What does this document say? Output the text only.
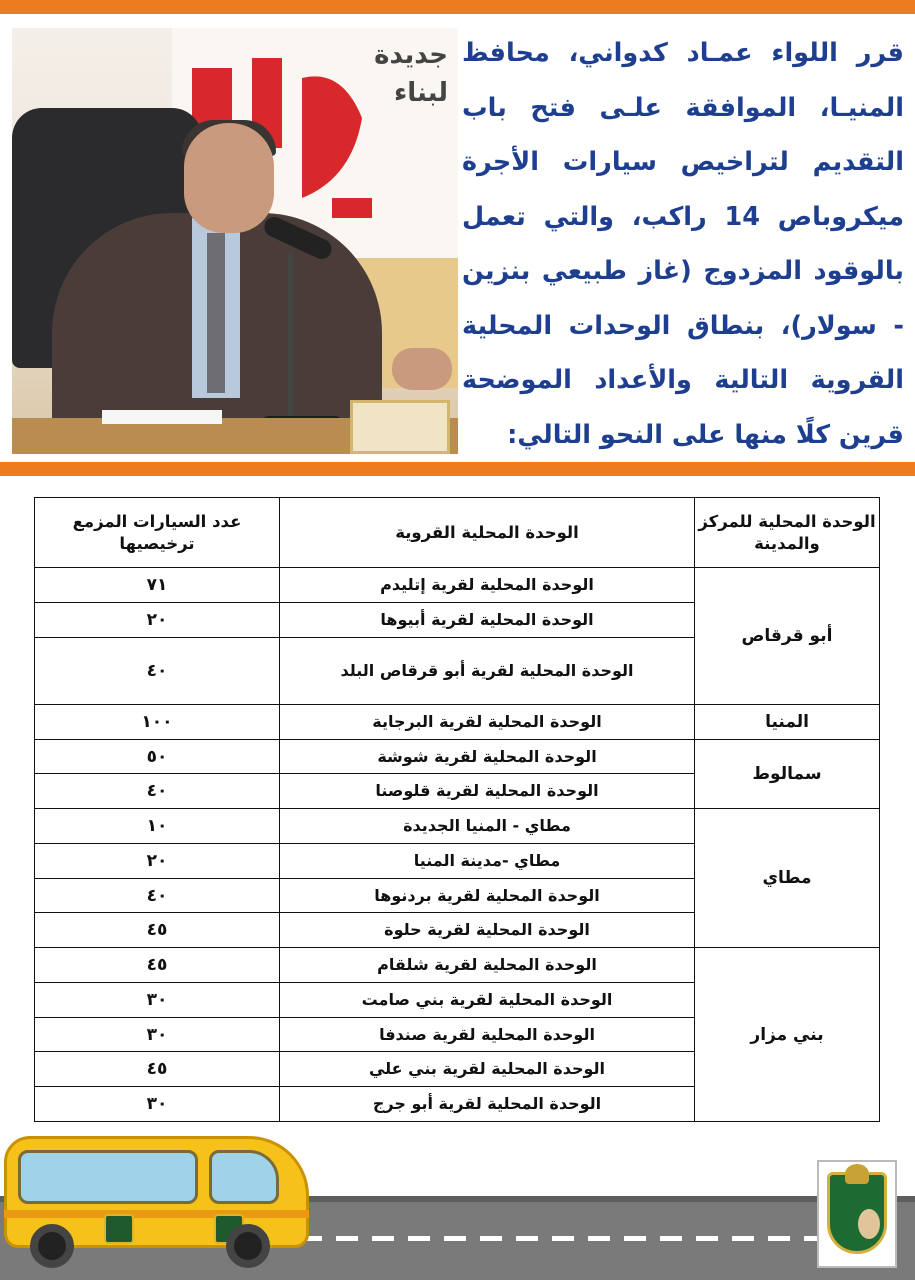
جديدة
لبناء

قرر اللواء عمـاد كدواني، محافظ المنيـا، الموافقة علـى فتح باب التقديم لتراخيص سيارات الأجرة ميكروباص 14 راكب، والتي تعمل بالوقود المزدوج (غاز طبيعي بنزين - سولار)، بنطاق الوحدات المحلية القروية التالية والأعداد الموضحة قرين كلًا منها على النحو التالي:

الوحدة المحلية للمركز والمدينة	الوحدة المحلية القروية	عدد السيارات المزمع ترخيصيها
أبو قرقاص	الوحدة المحلية لقرية إتليدم	٧١
	الوحدة المحلية لقرية أبيوها	٢٠
	الوحدة المحلية لقرية أبو قرقاص البلد	٤٠
المنيا	الوحدة المحلية لقرية البرجاية	١٠٠
سمالوط	الوحدة المحلية لقرية شوشة	٥٠
	الوحدة المحلية لقرية قلوصنا	٤٠
مطاي	مطاي - المنيا الجديدة	١٠
	مطاي -مدينة المنيا	٢٠
	الوحدة المحلية لقرية بردنوها	٤٠
	الوحدة المحلية لقرية حلوة	٤٥
بني مزار	الوحدة المحلية لقرية شلقام	٤٥
	الوحدة المحلية لقرية بني صامت	٣٠
	الوحدة المحلية لقرية صندفا	٣٠
	الوحدة المحلية لقرية بني علي	٤٥
	الوحدة المحلية لقرية أبو جرج	٣٠
